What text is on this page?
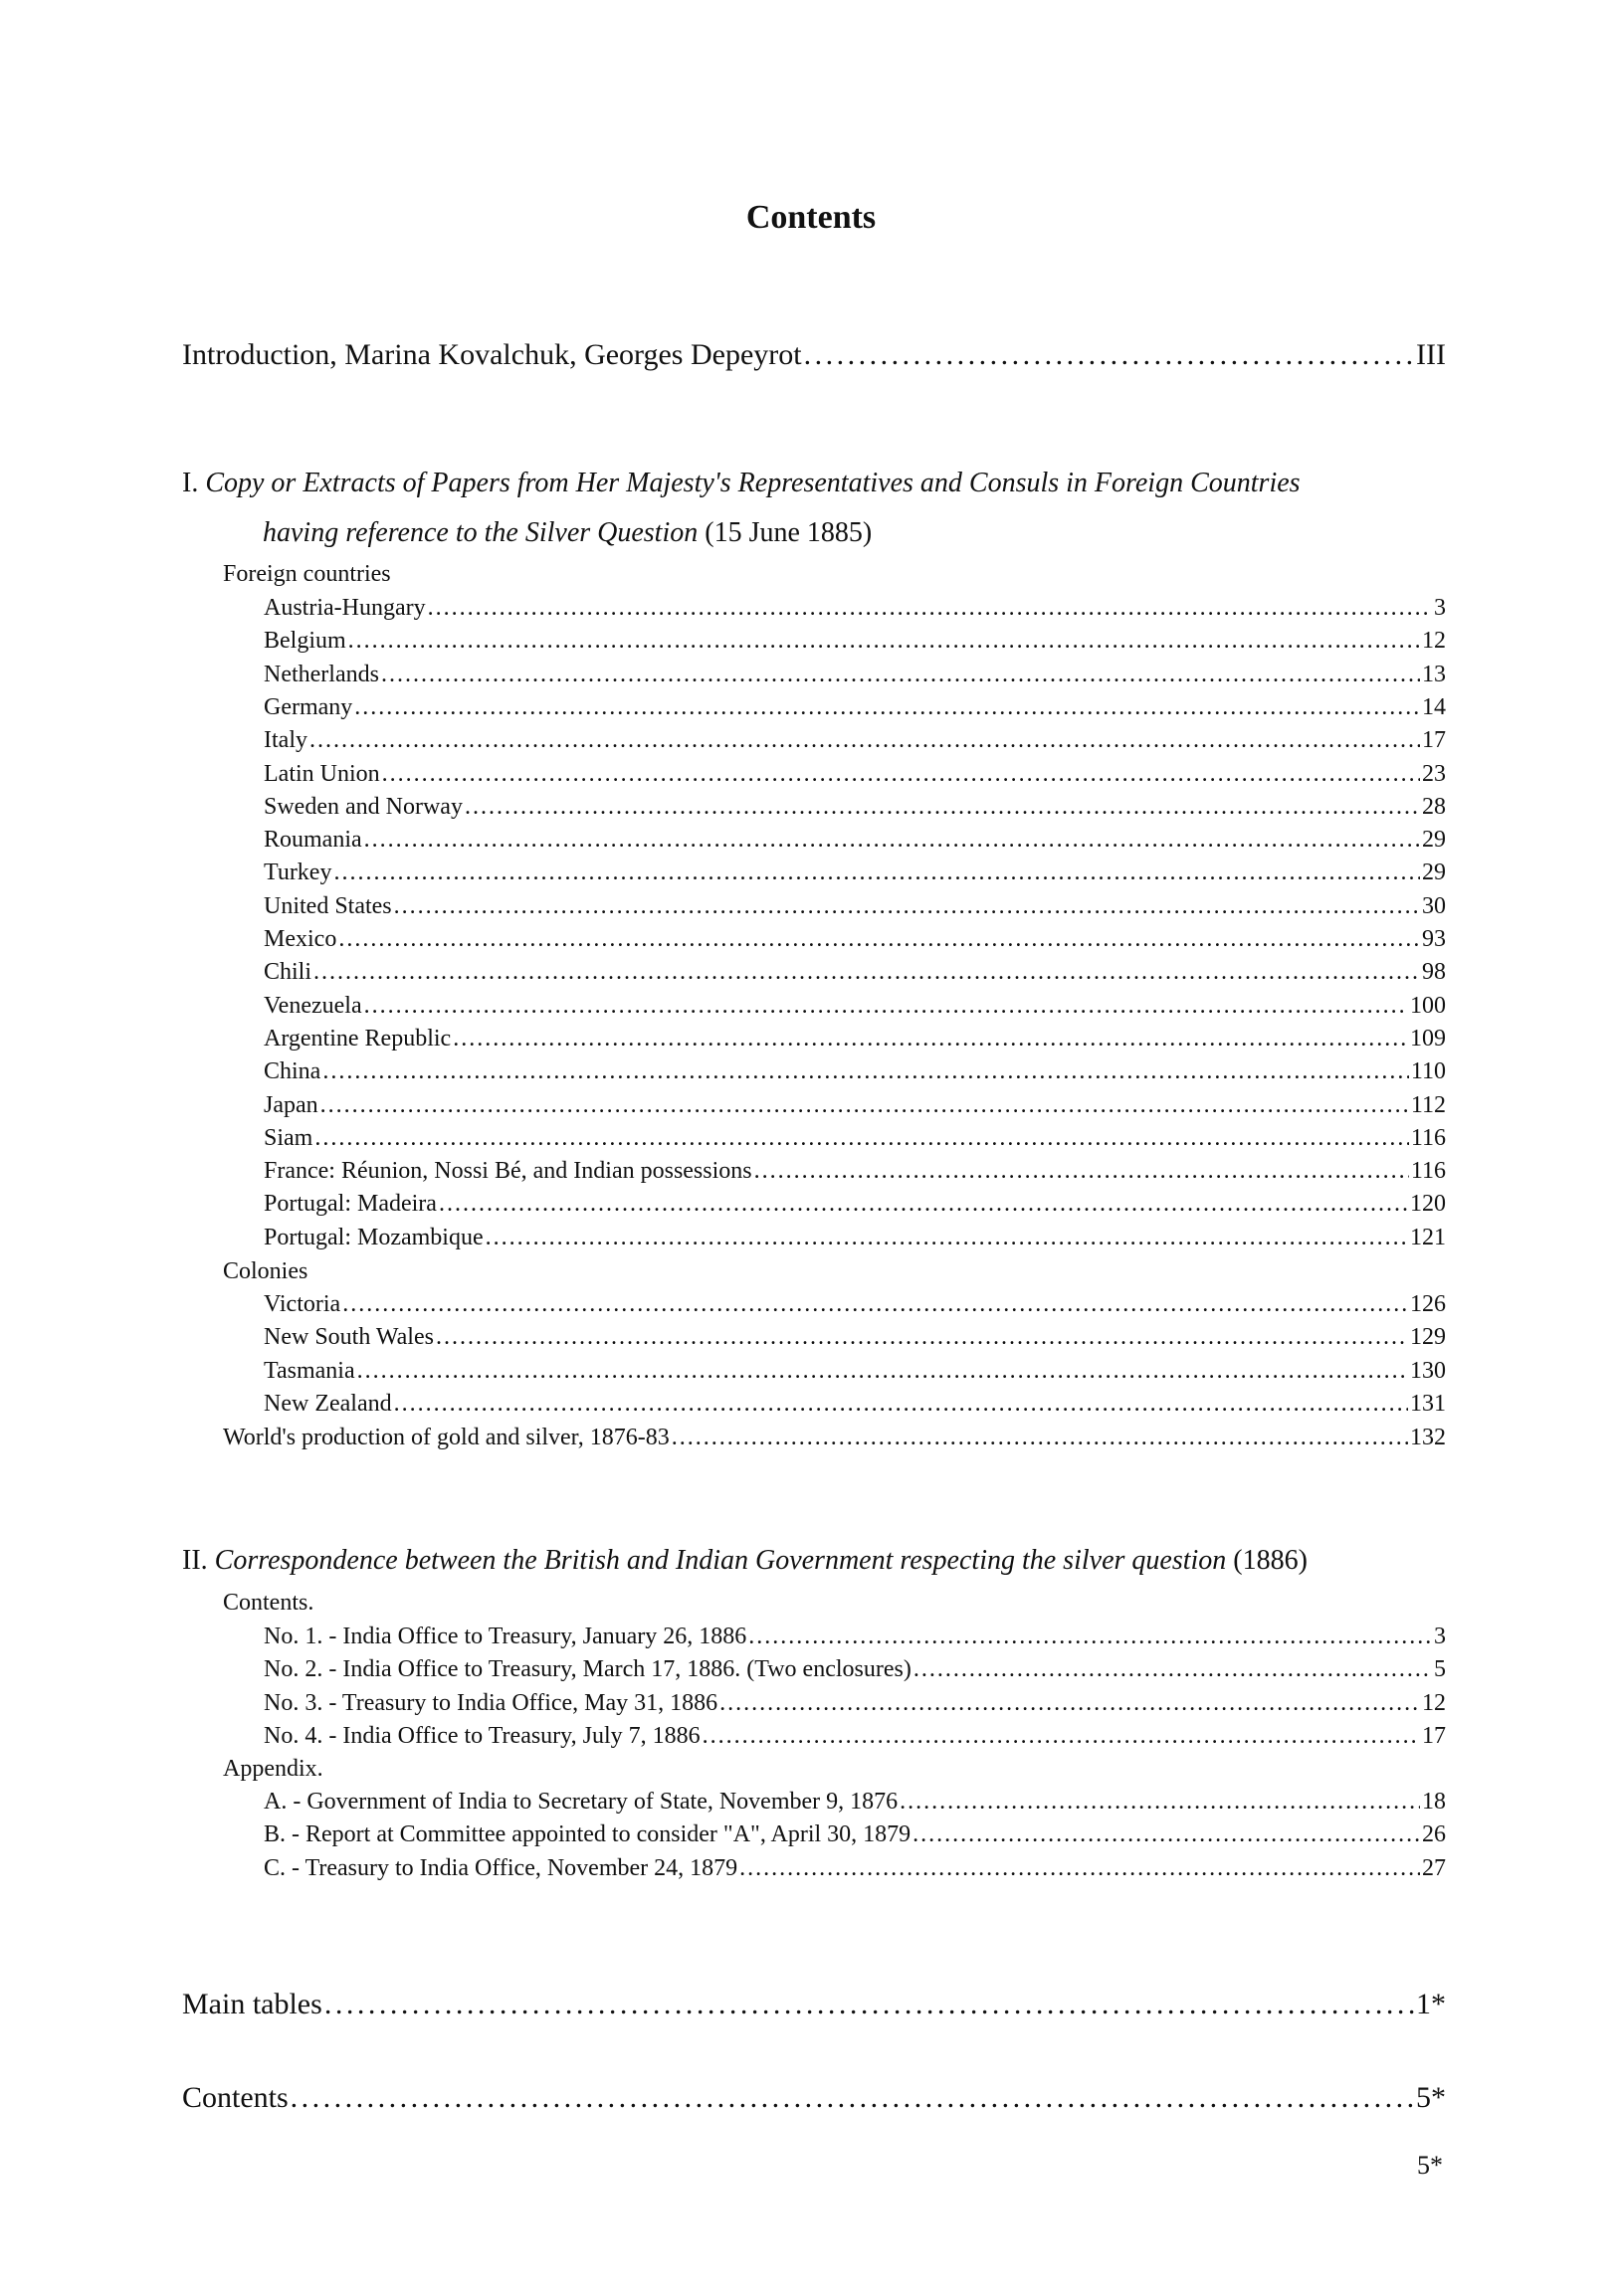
Contents
Introduction, Marina Kovalchuk, Georges Depeyrot . . .	III
I. Copy or Extracts of Papers from Her Majesty's Representatives and Consuls in Foreign Countries
having reference to the Silver Question (15 June 1885)
Foreign countries
Austria-Hungary . . .	3
Belgium . . .	12
Netherlands . . .	13
Germany . . .	14
Italy . . .	17
Latin Union . . .	23
Sweden and Norway . . .	28
Roumania . . .	29
Turkey . . .	29
United States . . .	30
Mexico . . .	93
Chili . . .	98
Venezuela . . .	100
Argentine Republic . . .	109
China . . .	110
Japan . . .	112
Siam . . .	116
France: Réunion, Nossi Bé, and Indian possessions . . .	116
Portugal: Madeira . . .	120
Portugal: Mozambique . . .	121
Colonies
Victoria . . .	126
New South Wales . . .	129
Tasmania . . .	130
New Zealand . . .	131
World's production of gold and silver, 1876-83 . . .	132
II. Correspondence between the British and Indian Government respecting the silver question (1886)
Contents.
No. 1. - India Office to Treasury, January 26, 1886 . . .	3
No. 2. - India Office to Treasury, March 17, 1886. (Two enclosures) . . .	5
No. 3. - Treasury to India Office, May 31, 1886 . . .	12
No. 4. - India Office to Treasury, July 7, 1886 . . .	17
Appendix.
A. - Government of India to Secretary of State, November 9, 1876 . . .	18
B. - Report at Committee appointed to consider "A", April 30, 1879 . . .	26
C. - Treasury to India Office, November 24, 1879 . . .	27
Main tables . . .	1*
Contents . . .	5*
5*
